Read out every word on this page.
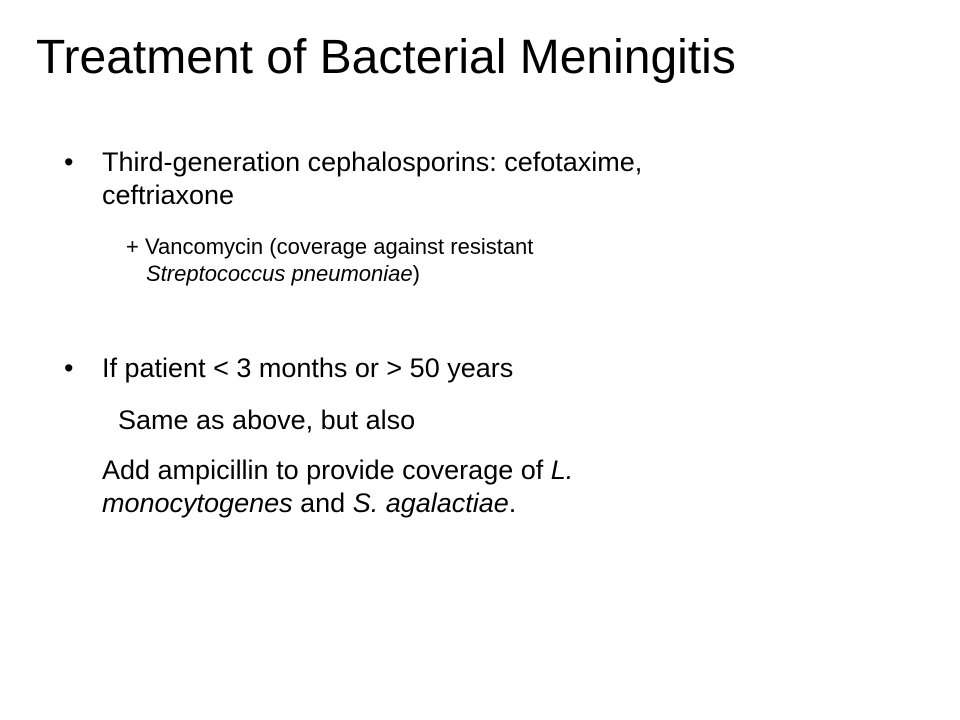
Treatment of Bacterial Meningitis
• Third-generation cephalosporins: cefotaxime,
ceftriaxone
+ Vancomycin (coverage against resistant
Streptococcus pneumoniae)
• If patient < 3 months or > 50 years
Same as above, but also
Add ampicillin to provide coverage of L.
monocytogenes and S. agalactiae.
